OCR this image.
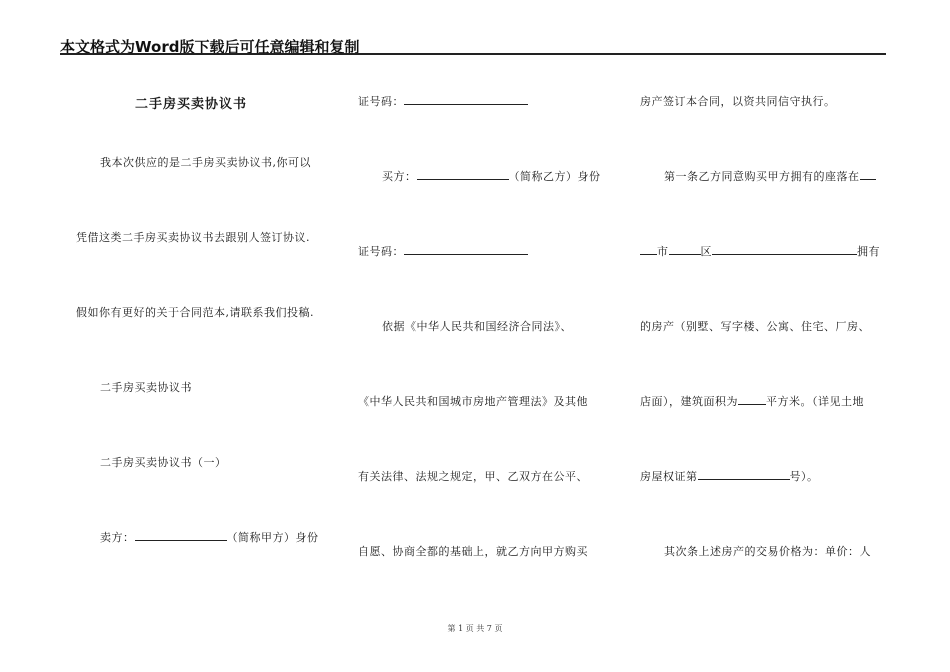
本文格式为Word版下载后可任意编辑和复制
二手房买卖协议书
我本次供应的是二手房买卖协议书,你可以
凭借这类二手房买卖协议书去跟别人签订协议.
假如你有更好的关于合同范本,请联系我们投稿.
二手房买卖协议书
二手房买卖协议书（一）
卖方：	（简称甲方）身份
证号码：
买方：	（简称乙方）身份
证号码：
依据《中华人民共和国经济合同法》、
《中华人民共和国城市房地产管理法》及其他
有关法律、法规之规定，甲、乙双方在公平、
自愿、协商全都的基础上，就乙方向甲方购买
房产签订本合同，以资共同信守执行。
第一条乙方同意购买甲方拥有的座落在
市	区	拥有
的房产（别墅、写字楼、公寓、住宅、厂房、
店面），建筑面积为	平方米。（详见土地
房屋权证第	号）。
其次条上述房产的交易价格为：单价：人
第 1 页 共 7 页
